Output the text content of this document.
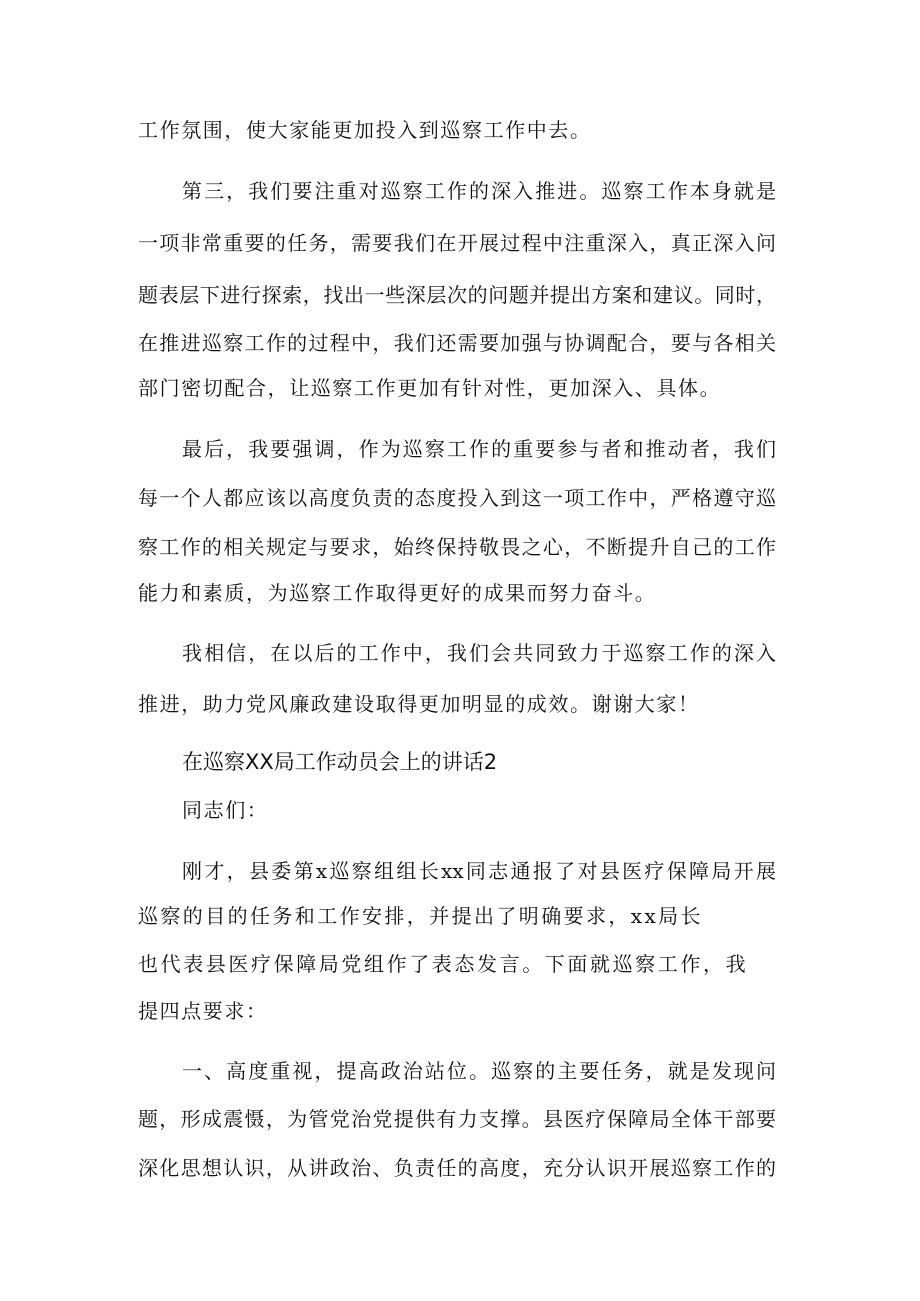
工作氛围，使大家能更加投入到巡察工作中去。
第三，我们要注重对巡察工作的深入推进。巡察工作本身就是
一项非常重要的任务，需要我们在开展过程中注重深入，真正深入问
题表层下进行探索，找出一些深层次的问题并提出方案和建议。同时，
在推进巡察工作的过程中，我们还需要加强与协调配合，要与各相关
部门密切配合，让巡察工作更加有针对性，更加深入、具体。
最后，我要强调，作为巡察工作的重要参与者和推动者，我们
每一个人都应该以高度负责的态度投入到这一项工作中，严格遵守巡
察工作的相关规定与要求，始终保持敬畏之心，不断提升自己的工作
能力和素质，为巡察工作取得更好的成果而努力奋斗。
我相信，在以后的工作中，我们会共同致力于巡察工作的深入
推进，助力党风廉政建设取得更加明显的成效。谢谢大家！
在巡察XX局工作动员会上的讲话2
同志们：
刚才，县委第x巡察组组长xx同志通报了对县医疗保障局开展
巡察的目的任务和工作安排，并提出了明确要求，xx局长
也代表县医疗保障局党组作了表态发言。下面就巡察工作，我
提四点要求：
一、高度重视，提高政治站位。巡察的主要任务，就是发现问
题，形成震慑，为管党治党提供有力支撑。县医疗保障局全体干部要
深化思想认识，从讲政治、负责任的高度，充分认识开展巡察工作的
